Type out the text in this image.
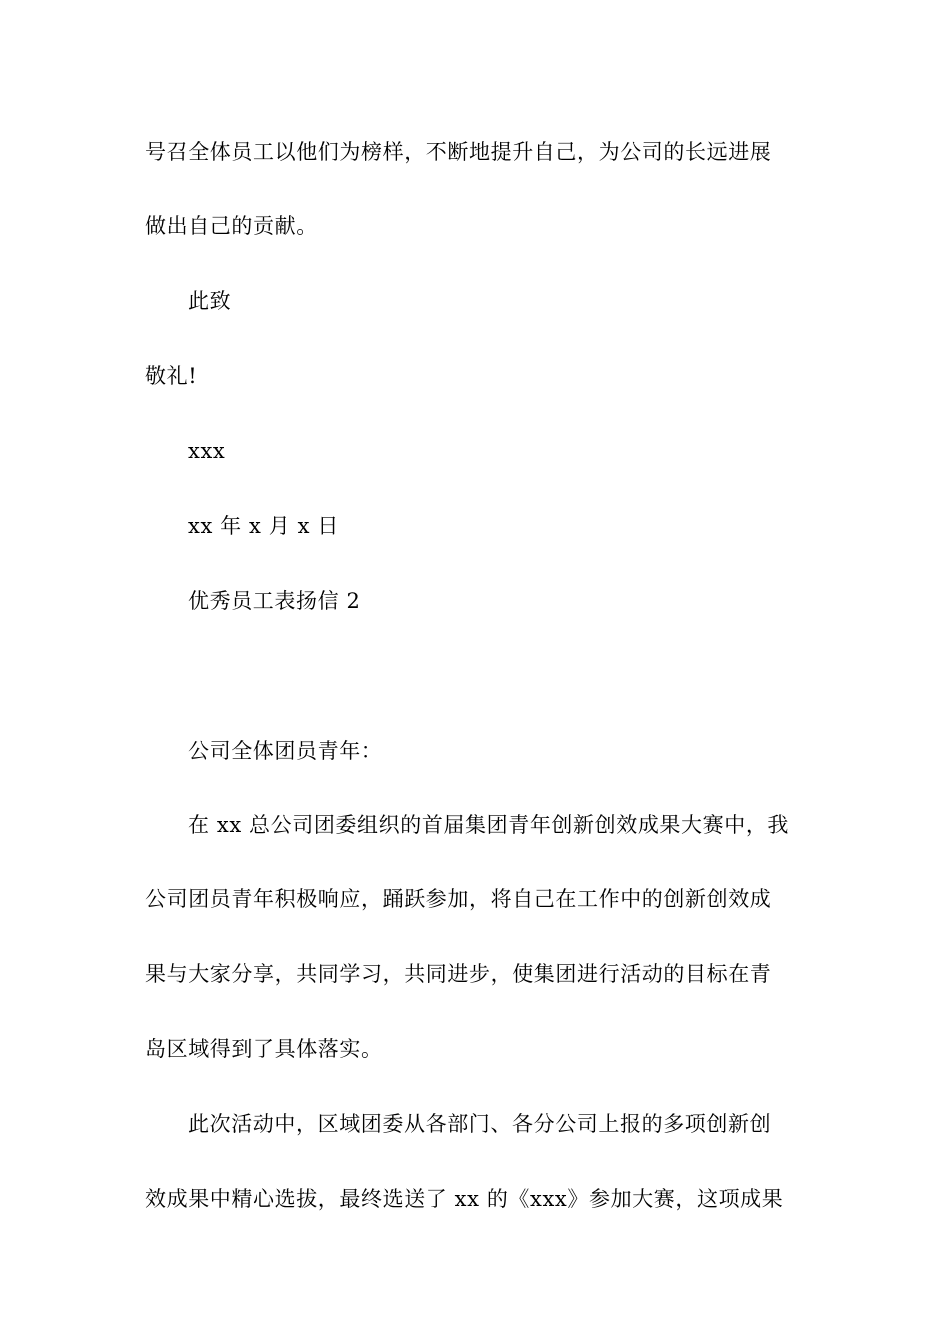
号召全体员工以他们为榜样，不断地提升自己，为公司的长远进展
做出自己的贡献。
此致
敬礼!
xxx
xx 年 x 月 x 日
优秀员工表扬信 2
公司全体团员青年：
在 xx 总公司团委组织的首届集团青年创新创效成果大赛中，我
公司团员青年积极响应，踊跃参加，将自己在工作中的创新创效成
果与大家分享，共同学习，共同进步，使集团进行活动的目标在青
岛区域得到了具体落实。
此次活动中，区域团委从各部门、各分公司上报的多项创新创
效成果中精心选拔，最终选送了 xx 的《xxx》参加大赛，这项成果
